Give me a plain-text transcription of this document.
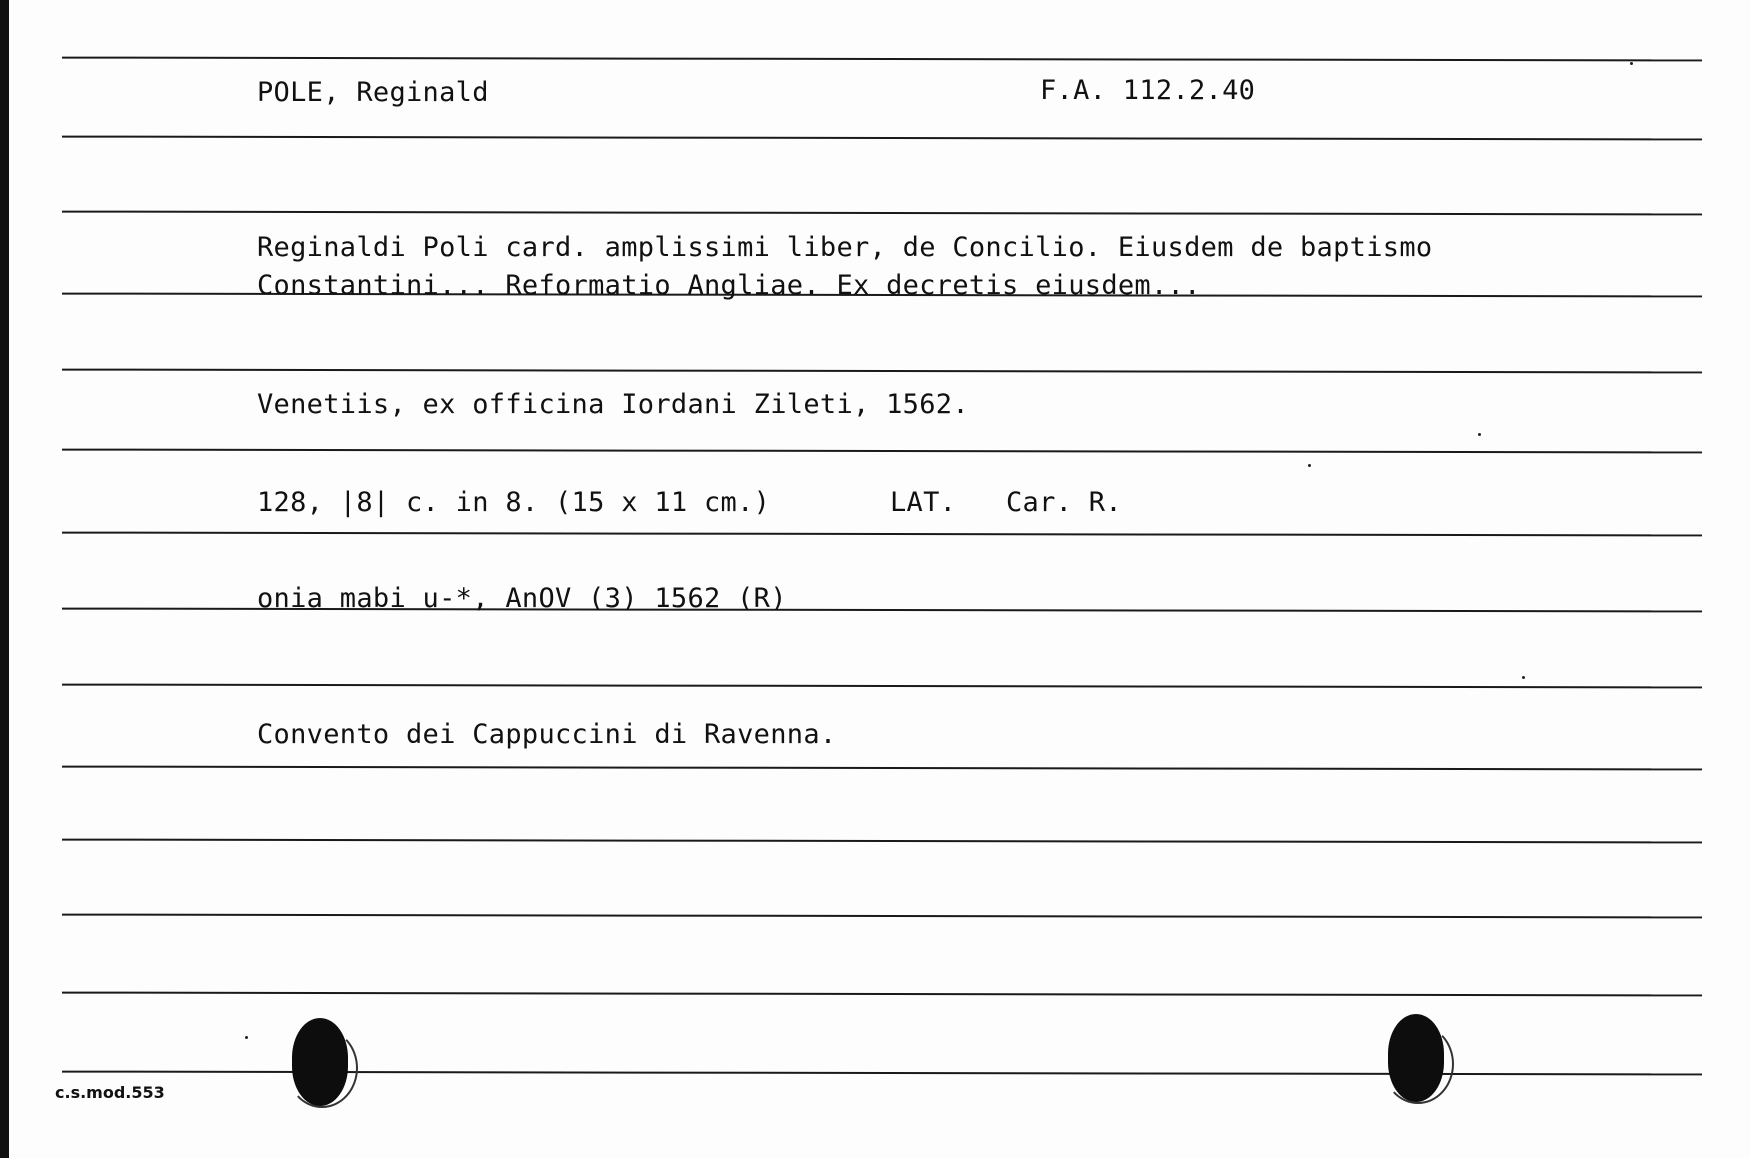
POLE, Reginald	F.A. 112.2.40
Reginaldi Poli card. amplissimi liber, de Concilio. Eiusdem de baptismo
Constantini... Reformatio Angliae. Ex decretis eiusdem...
Venetiis, ex officina Iordani Zileti, 1562.
128, |8| c. in 8. (15 x 11 cm.)	LAT. Car. R.
onia mabi u-*, AnOV (3) 1562 (R)
Convento dei Cappuccini di Ravenna.
c.s.mod.553
